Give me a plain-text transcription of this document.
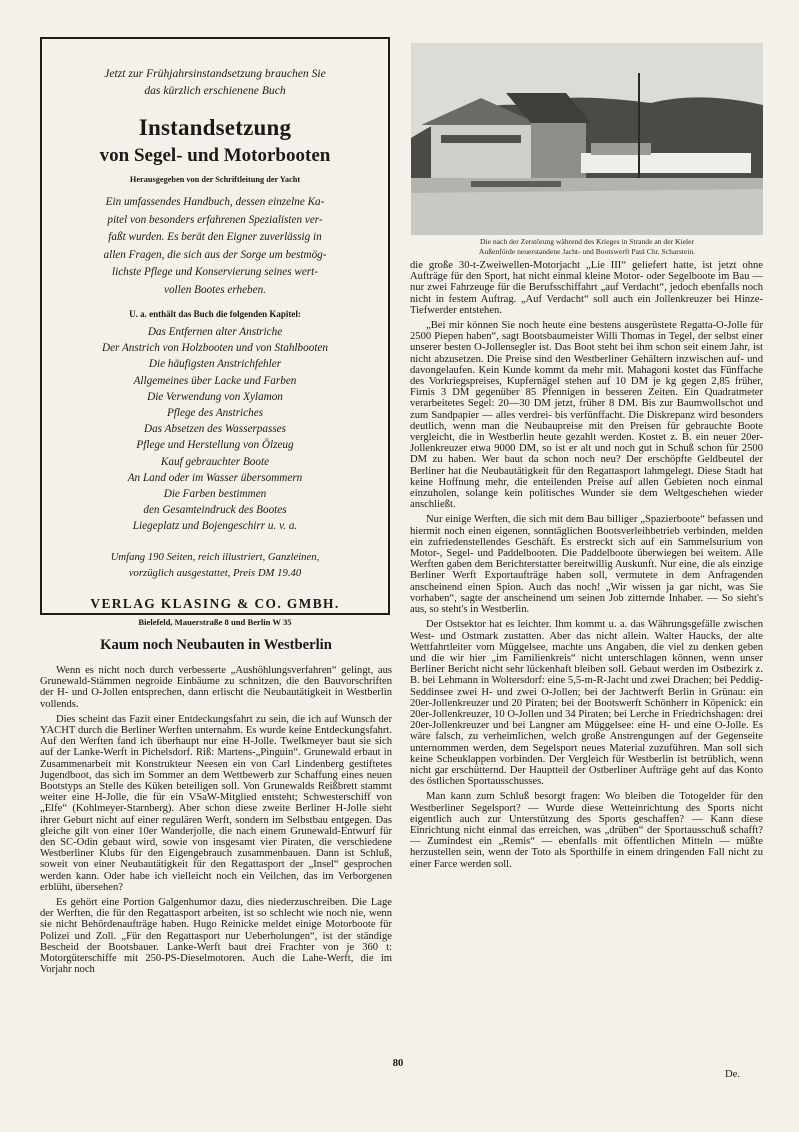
Jetzt zur Frühjahrsinstandsetzung brauchen Sie
das kürzlich erschienene Buch
Instandsetzung
von Segel- und Motorbooten
Herausgegeben von der Schriftleitung der Yacht
Ein umfassendes Handbuch, dessen einzelne Ka-
pitel von besonders erfahrenen Spezialisten ver-
faßt wurden. Es berät den Eigner zuverlässig in
allen Fragen, die sich aus der Sorge um bestmög-
lichste Pflege und Konservierung seines wert-
vollen Bootes erheben.
U. a. enthält das Buch die folgenden Kapitel:
Das Entfernen alter Anstriche
Der Anstrich von Holzbooten und von Stahlbooten
Die häufigsten Anstrichfehler
Allgemeines über Lacke und Farben
Die Verwendung von Xylamon
Pflege des Anstriches
Das Absetzen des Wasserpasses
Pflege und Herstellung von Ölzeug
Kauf gebrauchter Boote
An Land oder im Wasser übersommern
Die Farben bestimmen
den Gesamteindruck des Bootes
Liegeplatz und Bojengeschirr u. v. a.
Umfang 190 Seiten, reich illustriert, Ganzleinen,
vorzüglich ausgestattet, Preis DM 19.40
VERLAG KLASING & CO. GMBH.
Bielefeld, Mauerstraße 8 und Berlin W 35
Die nach der Zerstörung während des Krieges in Strande an der Kieler
Außenförde neuerstandene Jacht- und Bootswerft Paul Chr. Scharstein.
Kaum noch Neubauten in Westberlin

Wenn es nicht noch durch verbesserte „Aushöhlungsverfahren“ gelingt, aus Grunewald-Stämmen negroide Einbäume zu schnitzen, die den Bauvorschriften der H- und O-Jollen entsprechen, dann erlischt die Neubautätigkeit in Westberlin vollends.

Dies scheint das Fazit einer Entdeckungsfahrt zu sein, die ich auf Wunsch der YACHT durch die Berliner Werften unternahm. Es wurde keine Entdeckungsfahrt. Auf den Werften fand ich überhaupt nur eine H-Jolle. Twelkmeyer baut sie sich auf der Lanke-Werft in Pichelsdorf. Riß: Martens-„Pinguin“. Grunewald erbaut in Zusammenarbeit mit Konstrukteur Neesen ein von Carl Lindenberg gestiftetes Jugendboot, das sich im Sommer an dem Wettbewerb zur Schaffung eines neuen Bootstyps an Stelle des Küken beteiligen soll. Von Grunewalds Reißbrett stammt weiter eine H-Jolle, die für ein VSaW-Mitglied entsteht; Schwesterschiff von „Elfe“ (Kohlmeyer-Starnberg). Aber schon diese zweite Berliner H-Jolle sieht ihrer Geburt nicht auf einer regulären Werft, sondern im Selbstbau entgegen. Das gleiche gilt von einer 10er Wanderjolle, die nach einem Grunewald-Entwurf für den SC-Odin gebaut wird, sowie von insgesamt vier Piraten, die verschiedene Westberliner Klubs für den Eigengebrauch zusammenbauen. Dann ist Schluß, soweit von einer Neubautätigkeit für den Regattasport der „Insel“ gesprochen werden kann. Oder habe ich vielleicht noch ein Veilchen, das im Verborgenen erblüht, übersehen?

Es gehört eine Portion Galgenhumor dazu, dies niederzuschreiben. Die Lage der Werften, die für den Regattasport arbeiten, ist so schlecht wie noch nie, wenn sie nicht Behördenaufträge haben. Hugo Reinicke meldet einige Motorboote für Polizei und Zoll. „Für den Regattasport nur Ueberholungen“, ist der ständige Bescheid der Bootsbauer. Lanke-Werft baut drei Frachter von je 360 t: Motorgüterschiffe mit 250-PS-Dieselmotoren. Auch die Lahe-Werft, die im Vorjahr noch

die große 30-t-Zweiwellen-Motorjacht „Lie III“ geliefert hatte, ist jetzt ohne Aufträge für den Sport, hat nicht einmal kleine Motor- oder Segelboote im Bau — nur zwei Fahrzeuge für die Berufsschiffahrt „auf Verdacht“, jedoch ebenfalls noch nicht in festem Auftrag. „Auf Verdacht“ soll auch ein Jollenkreuzer bei Hinze-Tiefwerder entstehen.

„Bei mir können Sie noch heute eine bestens ausgerüstete Regatta-O-Jolle für 2500 Piepen haben“, sagt Bootsbaumeister Willi Thomas in Tegel, der selbst einer unserer besten O-Jollensegler ist. Das Boot steht bei ihm schon seit einem Jahr, ist nicht abzusetzen. Die Preise sind den Westberliner Gehältern inzwischen auf- und davongelaufen. Kein Kunde kommt da mehr mit. Mahagoni kostet das Fünffache des Vorkriegspreises, Kupfernägel stehen auf 10 DM je kg gegen 2,85 früher, Firnis 3 DM gegenüber 85 Pfennigen in besseren Zeiten. Ein Quadratmeter verarbeitetes Segel: 20—30 DM jetzt, früher 8 DM. Bis zur Baumwollschot und zum Sandpapier — alles verdrei- bis verfünffacht. Die Diskrepanz wird besonders deutlich, wenn man die Neubaupreise mit den Preisen für gebrauchte Boote vergleicht, die in Westberlin heute gezahlt werden. Kostet z. B. ein neuer 20er-Jollenkreuzer etwa 9000 DM, so ist er alt und noch gut in Schuß schon für 2500 DM zu haben. Wer baut da schon noch neu? Der erschöpfte Geldbeutel der Berliner hat die Neubautätigkeit für den Regattasport lahmgelegt. Diese Stadt hat keine Hoffnung mehr, die enteilenden Preise auf allen Gebieten noch einmal einzuholen, solange kein politisches Wunder sie dem Weltgeschehen wieder anschließt.

Nur einige Werften, die sich mit dem Bau billiger „Spazierboote“ befassen und hiermit noch einen eigenen, sonntäglichen Bootsverleihbetrieb verbinden, melden ein zufriedenstellendes Geschäft. Es erstreckt sich auf ein Sammelsurium von Motor-, Segel- und Paddelbooten. Die Paddelboote überwiegen bei weitem. Alle Werften gaben dem Berichterstatter bereitwillig Auskunft. Nur eine, die als einzige Berliner Werft Exportaufträge haben soll, vermutete in dem Anfragenden anscheinend einen Spion. Auch das noch! „Wir wissen ja gar nicht, was Sie vorhaben“, sagte der anscheinend um seinen Job zitternde Inhaber. — So sieht's aus, so steht's in Westberlin.

Der Ostsektor hat es leichter. Ihm kommt u. a. das Währungsgefälle zwischen West- und Ostmark zustatten. Aber das nicht allein. Walter Haucks, der alte Wettfahrtleiter vom Müggelsee, machte uns Angaben, die viel zu denken geben und die wir hier „im Familienkreis“ nicht unterschlagen können, wenn unser Berliner Bericht nicht sehr lückenhaft bleiben soll. Gebaut werden im Ostbezirk z. B. bei Lehmann in Woltersdorf: eine 5,5-m-R-Jacht und zwei Drachen; bei Peddig-Seddinsee zwei H- und zwei O-Jollen; bei der Jachtwerft Berlin in Grünau: ein 20er-Jollenkreuzer und 20 Piraten; bei der Bootswerft Schönherr in Köpenick: ein 20er-Jollenkreuzer, 10 O-Jollen und 34 Piraten; bei Lerche in Friedrichshagen: drei 20er-Jollenkreuzer und bei Langner am Müggelsee: eine H- und eine O-Jolle. Es wäre falsch, zu verheimlichen, welch große Anstrengungen auf der Gegenseite unternommen werden, dem Segelsport neues Material zuzuführen. Man soll sich keine Scheuklappen vorbinden. Der Vergleich für Westberlin ist betrüblich, wenn nicht gar erschütternd. Der Hauptteil der Ostberliner Aufträge geht auf das Konto des östlichen Sportausschusses.

Man kann zum Schluß besorgt fragen: Wo bleiben die Totogelder für den Westberliner Segelsport? — Wurde diese Wetteinrichtung des Sports nicht eigentlich auch zur Unterstützung des Sports geschaffen? — Kann diese Einrichtung nicht einmal das erreichen, was „drüben“ der Sportausschuß schafft? — Zumindest ein „Remis“ — ebenfalls mit öffentlichen Mitteln — müßte herzustellen sein, wenn der Toto als Sporthilfe in einem dringenden Fall nicht zu einer Farce werden soll.

De.
80
